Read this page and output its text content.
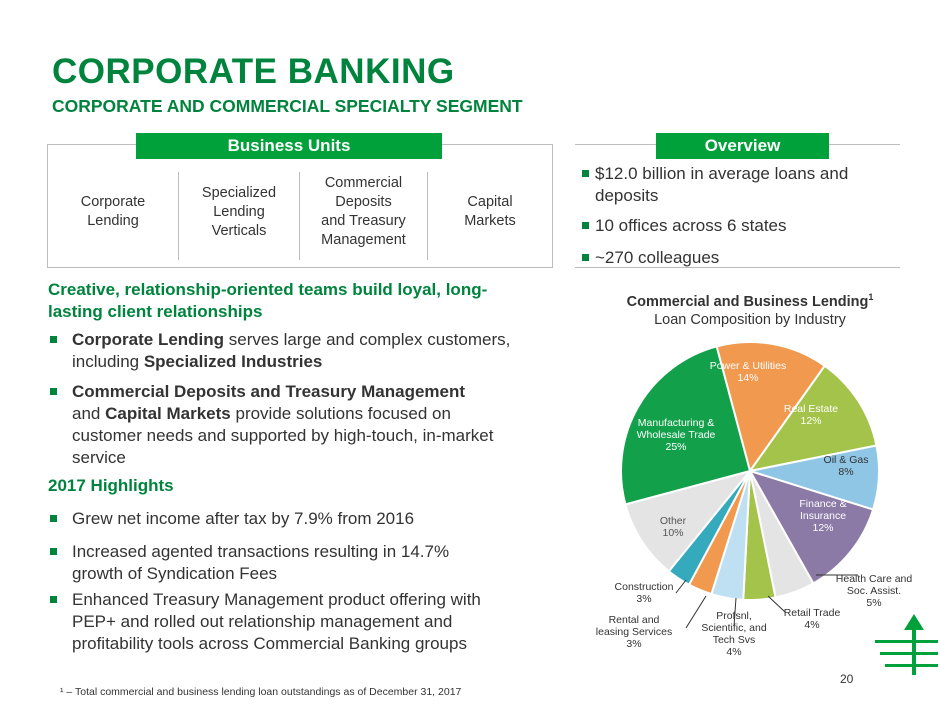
CORPORATE BANKING
CORPORATE AND COMMERCIAL SPECIALTY SEGMENT
Business Units
Corporate
Lending
Specialized
Lending
Verticals
Commercial
Deposits
and Treasury
Management
Capital
Markets
Overview
$12.0 billion in average loans and deposits
10 offices across 6 states
~270 colleagues
Creative, relationship-oriented teams build loyal, long-lasting client relationships
Corporate Lending serves large and complex customers, including Specialized Industries
Commercial Deposits and Treasury Management and Capital Markets provide solutions focused on customer needs and supported by high-touch, in-market service
2017 Highlights
Grew net income after tax by 7.9% from 2016
Increased agented transactions resulting in 14.7% growth of Syndication Fees
Enhanced Treasury Management product offering with PEP+ and rolled out relationship management and profitability tools across Commercial Banking groups
Commercial and Business Lending$^1$
Loan Composition by Industry
Power & Utilities 14%
Real Estate 12%
Oil & Gas 8%
Finance & Insurance 12%
Health Care and Soc. Assist. 5%
Retail Trade 4%
Profsnl, Scientific, and Tech Svs 4%
Rental and leasing Services 3%
Construction 3%
Other 10%
Manufacturing & Wholesale Trade 25%
¹ – Total commercial and business lending loan outstandings as of December 31, 2017
20
